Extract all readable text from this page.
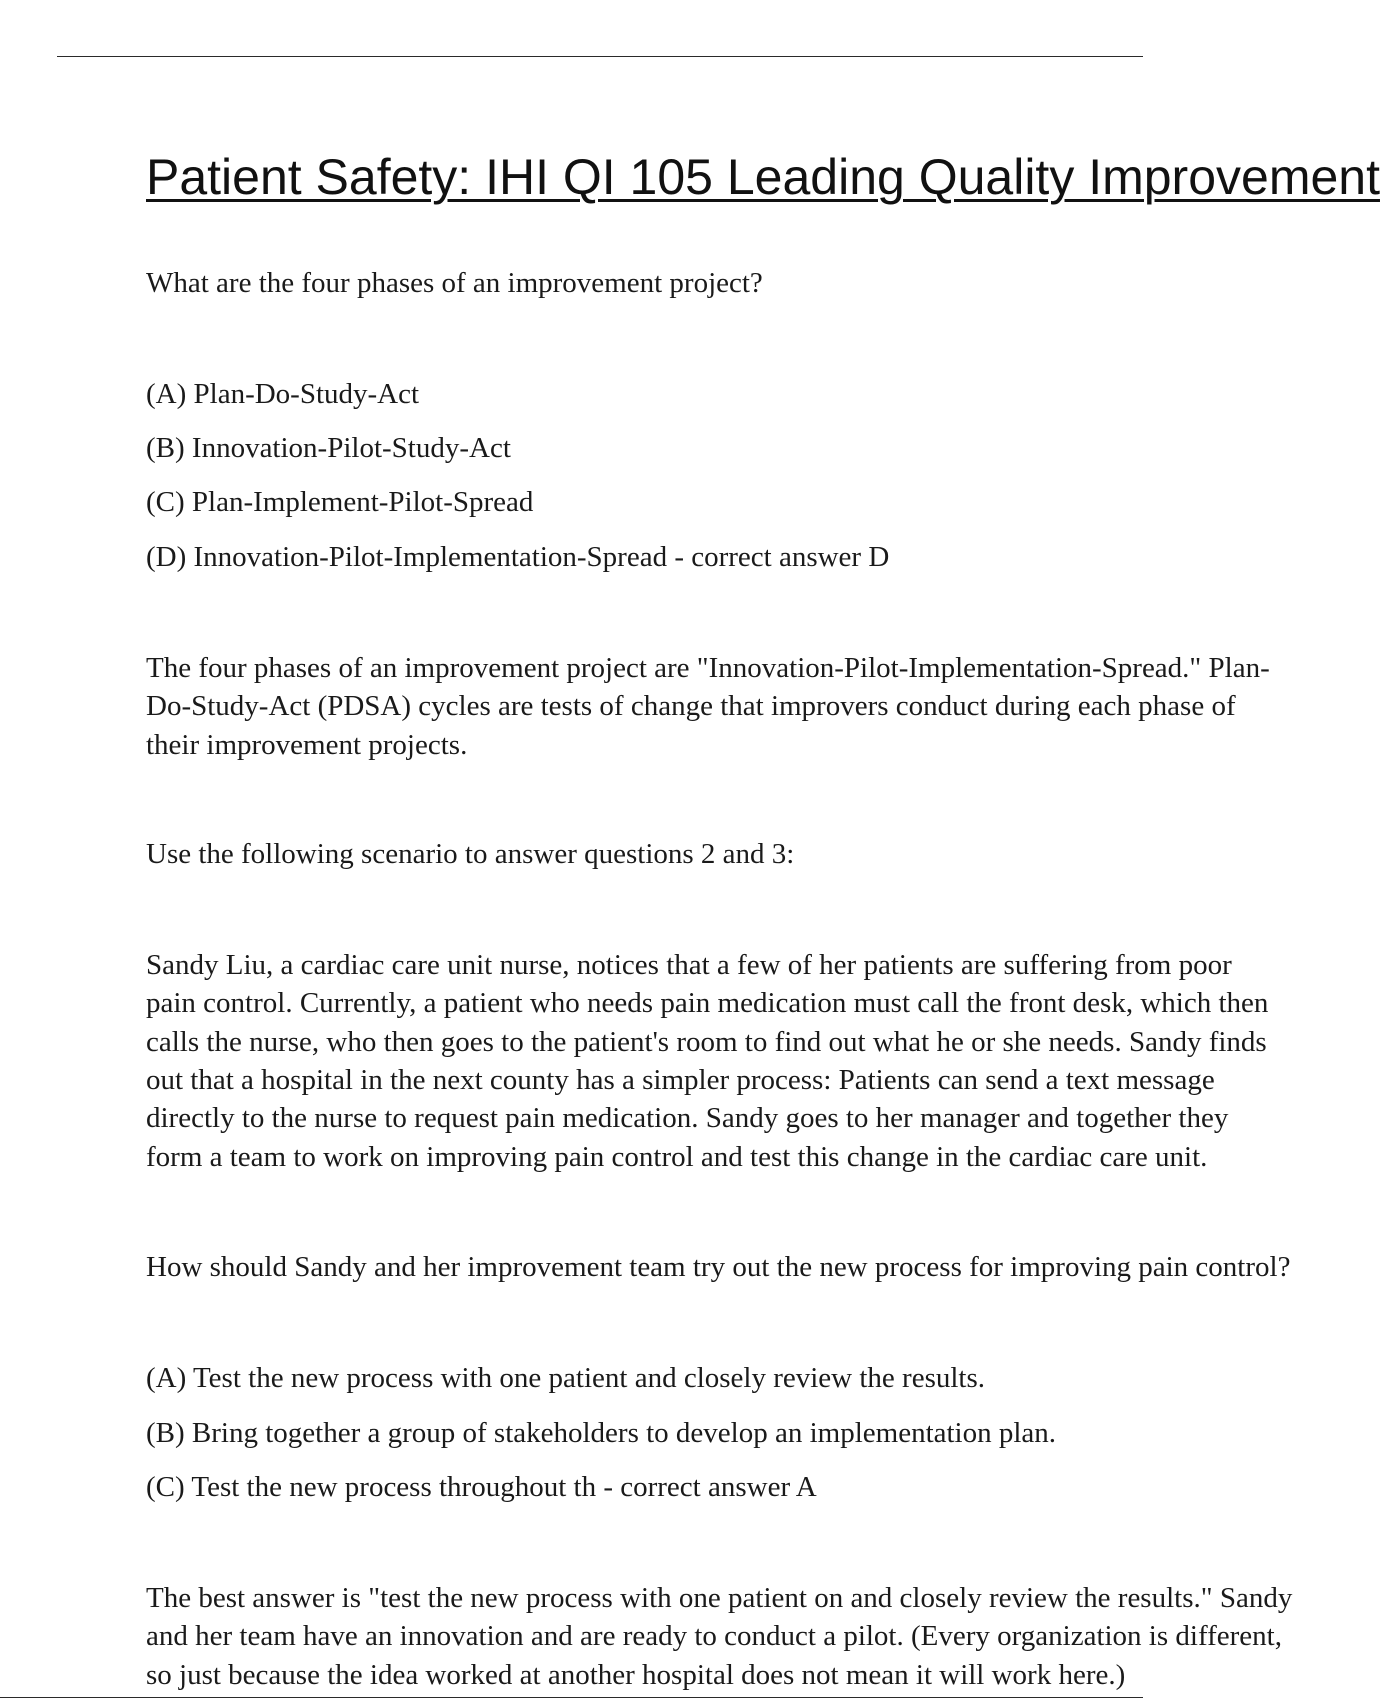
Patient Safety: IHI QI 105 Leading Quality Improvement

What are the four phases of an improvement project?

(A) Plan-Do-Study-Act

(B) Innovation-Pilot-Study-Act

(C) Plan-Implement-Pilot-Spread

(D) Innovation-Pilot-Implementation-Spread - correct answer D

The four phases of an improvement project are "Innovation-Pilot-Implementation-Spread." Plan-

Do-Study-Act (PDSA) cycles are tests of change that improvers conduct during each phase of

their improvement projects.

Use the following scenario to answer questions 2 and 3:

Sandy Liu, a cardiac care unit nurse, notices that a few of her patients are suffering from poor

pain control. Currently, a patient who needs pain medication must call the front desk, which then

calls the nurse, who then goes to the patient's room to find out what he or she needs. Sandy finds

out that a hospital in the next county has a simpler process: Patients can send a text message

directly to the nurse to request pain medication. Sandy goes to her manager and together they

form a team to work on improving pain control and test this change in the cardiac care unit.

How should Sandy and her improvement team try out the new process for improving pain control?

(A) Test the new process with one patient and closely review the results.

(B) Bring together a group of stakeholders to develop an implementation plan.

(C) Test the new process throughout th - correct answer A

The best answer is "test the new process with one patient on and closely review the results." Sandy

and her team have an innovation and are ready to conduct a pilot. (Every organization is different,

so just because the idea worked at another hospital does not mean it will work here.)
